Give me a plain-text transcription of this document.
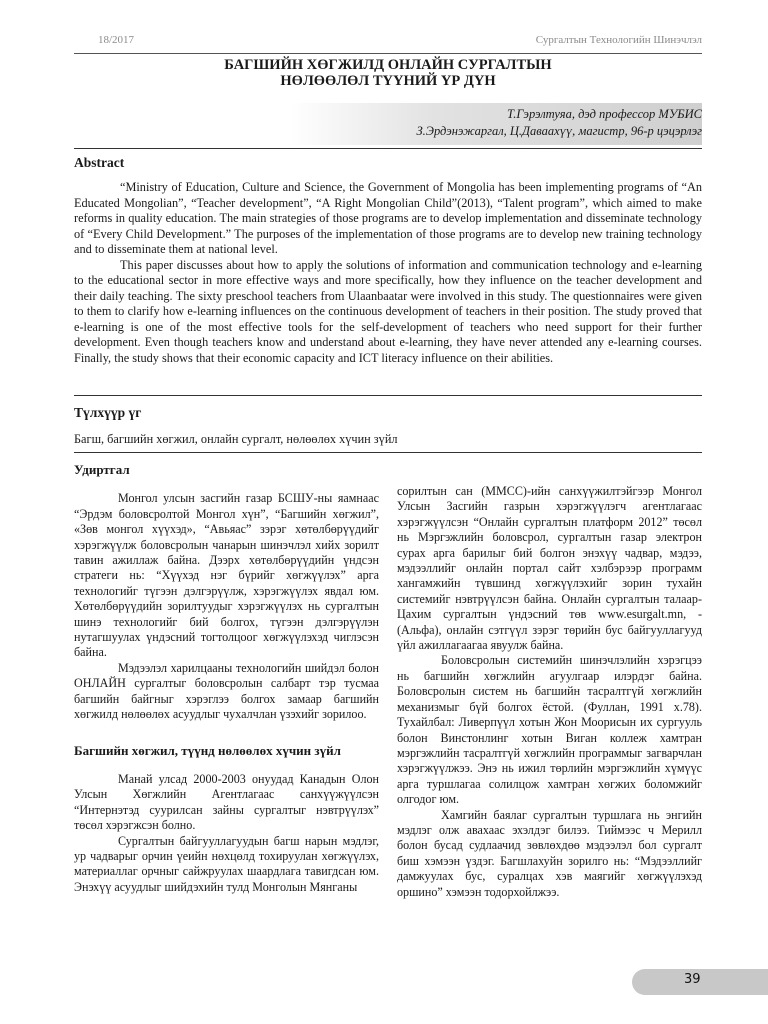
18/2017	Сургалтын Технологийн Шинэчлэл
БАГШИЙН ХӨГЖИЛД ОНЛАЙН СУРГАЛТЫН
НӨЛӨӨЛӨЛ ТҮҮНИЙ ҮР ДҮН
Т.Гэрэлтуяа, дэд профессор МУБИС
З.Эрдэнэжаргал, Ц.Даваахүү, магистр, 96-р цэцэрлэг
Abstract

“Ministry of Education, Culture and Science, the Government of Mongolia has been implementing programs of “An Educated Mongolian”, “Teacher development”, “A Right Mongolian Child”(2013), “Talent program”, which aimed to make reforms in quality education. The main strategies of those programs are to develop implementation and disseminate technology of “Every Child Development.” The purposes of the implementation of those programs are to develop new training technology and to disseminate them at national level.

This paper discusses about how to apply the solutions of information and communication technology and e-learning to the educational sector in more effective ways and more specifically, how they influence on the teacher development and their daily teaching. The sixty preschool teachers from Ulaanbaatar were involved in this study. The questionnaires were given to them to clarify how e-learning influences on the continuous development of teachers in their position. The study proved that e-learning is one of the most effective tools for the self-development of teachers who need support for their further development. Even though teachers know and understand about e-learning, they have never attended any e-learning courses. Finally, the study shows that their economic capacity and ICT literacy influence on their abilities.

Түлхүүр үг
Багш, багшийн хөгжил, онлайн сургалт, нөлөөлөх хүчин зүйл
Удиртгал

Монгол улсын засгийн газар БСШУ-ны яамнаас “Эрдэм боловсролтой Монгол хүн”, “Багшийн хөгжил”, «Зөв монгол хүүхэд», “Авьяас” зэрэг хөтөлбөрүүдийг хэрэгжүүлж боловсролын чанарын шинэчлэл хийх зорилт тавин ажиллаж байна. Дээрх хөтөлбөрүүдийн үндсэн стратеги нь: “Хүүхэд нэг бүрийг хөгжүүлэх” арга технологийг түгээн дэлгэрүүлж, хэрэгжүүлэх явдал юм. Хөтөлбөрүүдийн зорилтуудыг хэрэгжүүлэх нь сургалтын шинэ технологийг бий болгох, түгээн дэлгэрүүлэн нутагшуулах үндэсний тогтолцоог хөгжүүлэхэд чиглэсэн байна.

Мэдээлэл харилцааны технологийн шийдэл болон ОНЛАЙН сургалтыг боловсролын салбарт тэр тусмаа багшийн байгныг хэрэглээ болгох замаар багшийн хөгжилд нөлөөлөх асуудлыг чухалчлан үзэхийг зорилоо.

Багшийн хөгжил, түүнд нөлөөлөх хүчин зүйл

Манай улсад 2000-2003 онуудад Канадын Олон Улсын Хөгжлийн Агентлагаас санхүүжүүлсэн “Интернэтэд суурилсан зайны сургалтыг нэвтрүүлэх” төсөл хэрэгжсэн болно.

Сургалтын байгууллагуудын багш нарын мэдлэг, ур чадварыг орчин үеийн нөхцөлд тохируулан хөгжүүлэх, материаллаг орчныг сайжруулах шаардлага тавигдсан юм. Энэхүү асуудлыг шийдэхийн тулд Монголын Мянганы

сорилтын сан (ММСС)-ийн санхүүжилтэйгээр Монгол Улсын Засгийн газрын хэрэгжүүлэгч агентлагаас хэрэгжүүлсэн “Онлайн сургалтын платформ 2012” төсөл нь Мэргэжлийн боловсрол, сургалтын газар электрон сурах арга барилыг бий болгон энэхүү чадвар, мэдээ, мэдээллийг онлайн портал сайт хэлбэрээр программ хангамжийн түвшинд хөгжүүлэхийг зорин тухайн системийг нэвтрүүлсэн байна. Онлайн сургалтын талаар-Цахим сургалтын үндэсний төв www.esurgalt.mn, - (Альфа), онлайн сэтгүүл зэрэг төрийн бус байгууллагууд үйл ажиллагаагаа явуулж байна.

Боловсролын системийн шинэчлэлийн хэрэгцээ нь багшийн хөгжлийн агуулгаар илэрдэг байна. Боловсролын систем нь багшийн тасралтгүй хөгжлийн механизмыг бүй болгох ёстой. (Фуллан, 1991 х.78). Тухайлбал: Ливерпүүл хотын Жон Моорисын их сургууль болон Винстонлинг хотын Виган коллеж хамтран мэргэжлийн тасралтгүй хөгжлийн программыг загварчлан хэрэгжүүлжээ. Энэ нь ижил төрлийн мэргэжлийн хүмүүс арга туршлагаа солилцож хамтран хөгжих боломжийг олгодог юм.

Хамгийн баялаг сургалтын туршлага нь энгийн мэдлэг олж авахаас эхэлдэг билээ. Тиймээс ч Мерилл болон бусад судлаачид зөвлөхдөө мэдээлэл бол сургалт биш хэмээн үздэг. Багшлахуйн зорилго нь: “Мэдээллийг дамжуулах бус, суралцах хэв маягийг хөгжүүлэхэд оршино” хэмээн тодорхойлжээ.

39
